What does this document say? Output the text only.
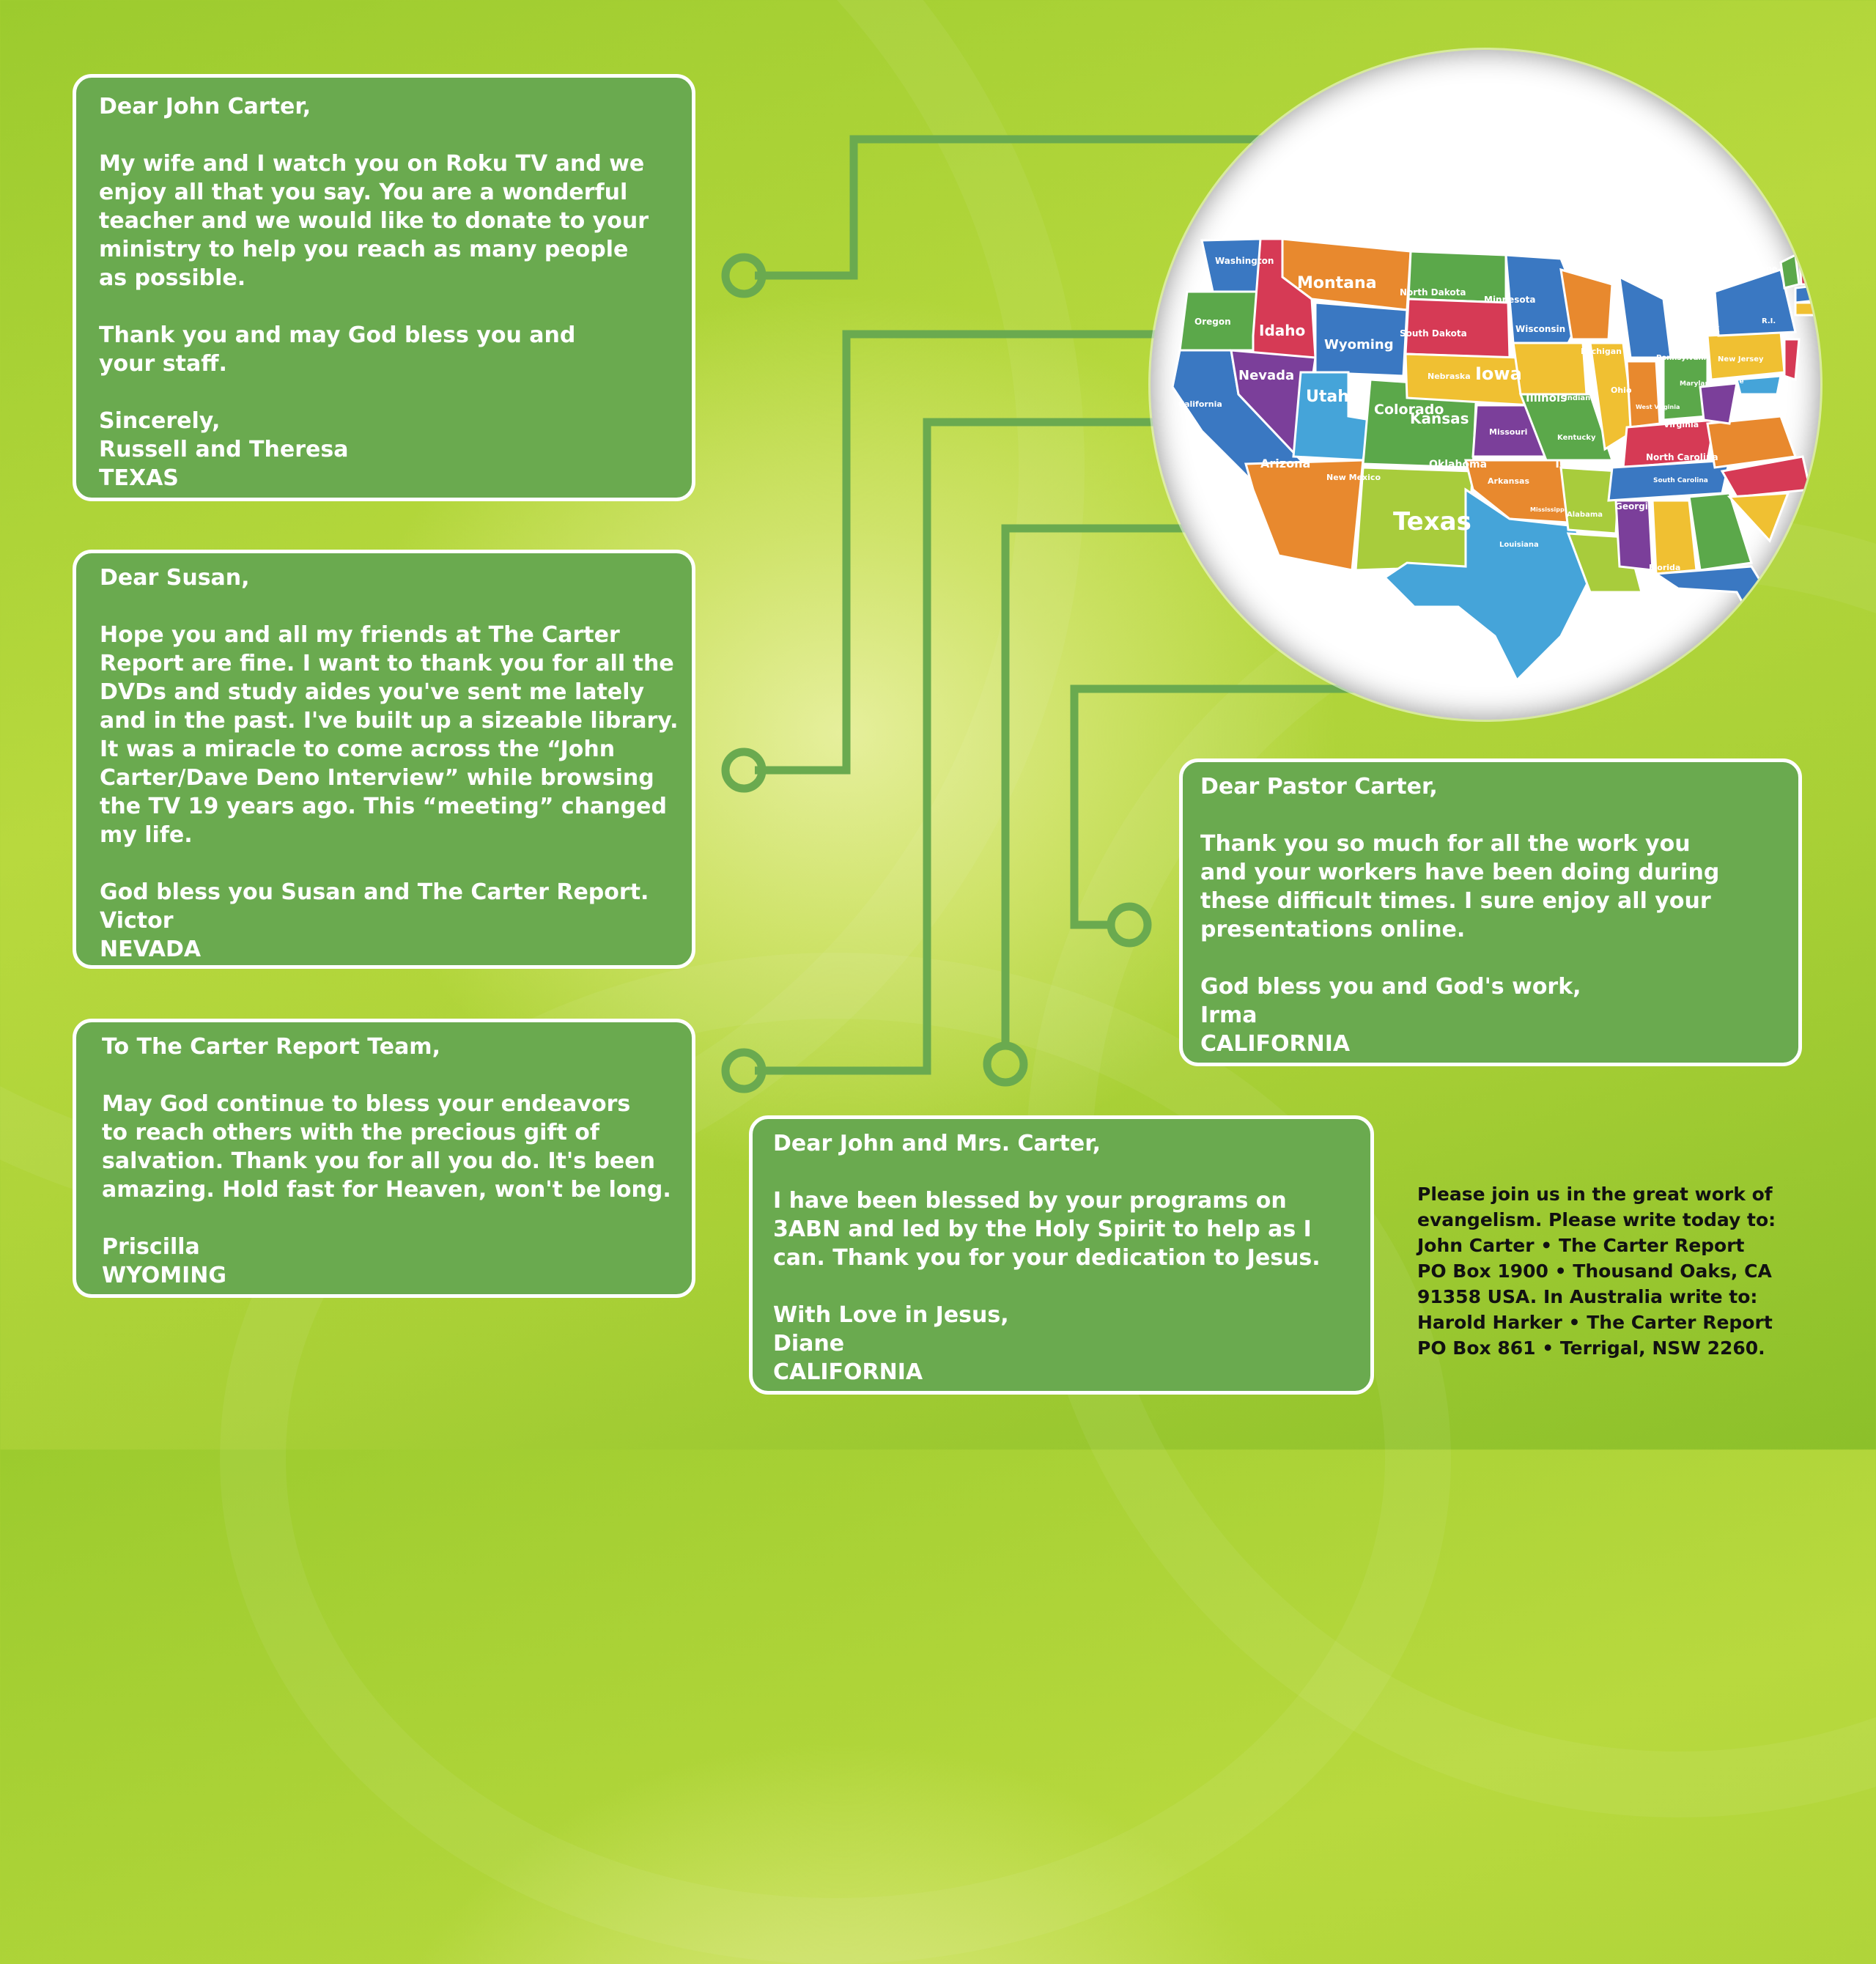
Washington
Oregon
California
Idaho
Nevada
Montana
Wyoming
Utah
Arizona
Colorado
New Mexico
North Dakota
South Dakota
Nebraska
Kansas
Oklahoma
Texas
Minnesota
Iowa
Missouri
Arkansas
Louisiana
Wisconsin
Illinois
Michigan
Indiana
Ohio
Kentucky
Tenessee
Mississippi
Alabama
Georgia
Florida
North Carolina
South Carolina
Virginia
West Virginia
Pennsylvania
New York
New Jersey
Delaware
Maryland
Maine
R.I.
Dear John Carter,
My wife and I watch you on Roku TV and we
enjoy all that you say. You are a wonderful
teacher and we would like to donate to your
ministry to help you reach as many people
as possible.
Thank you and may God bless you and
your staff.
Sincerely,
Russell and Theresa
TEXAS
Dear Susan,
Hope you and all my friends at The Carter
Report are fine. I want to thank you for all the
DVDs and study aides you've sent me lately
and in the past. I've built up a sizeable library.
It was a miracle to come across the “John
Carter/Dave Deno Interview” while browsing
the TV 19 years ago. This “meeting” changed
my life.
God bless you Susan and The Carter Report.
Victor
NEVADA
To The Carter Report Team,
May God continue to bless your endeavors
to reach others with the precious gift of
salvation. Thank you for all you do. It's been
amazing. Hold fast for Heaven, won't be long.
Priscilla
WYOMING
Dear Pastor Carter,
Thank you so much for all the work you
and your workers have been doing during
these difficult times. I sure enjoy all your
presentations online.
God bless you and God's work,
Irma
CALIFORNIA
Dear John and Mrs. Carter,
I have been blessed by your programs on
3ABN and led by the Holy Spirit to help as I
can. Thank you for your dedication to Jesus.
With Love in Jesus,
Diane
CALIFORNIA
Please join us in the great work of
evangelism. Please write today to:
John Carter • The Carter Report
PO Box 1900 • Thousand Oaks, CA
91358 USA. In Australia write to:
Harold Harker • The Carter Report
PO Box 861 • Terrigal, NSW 2260.
